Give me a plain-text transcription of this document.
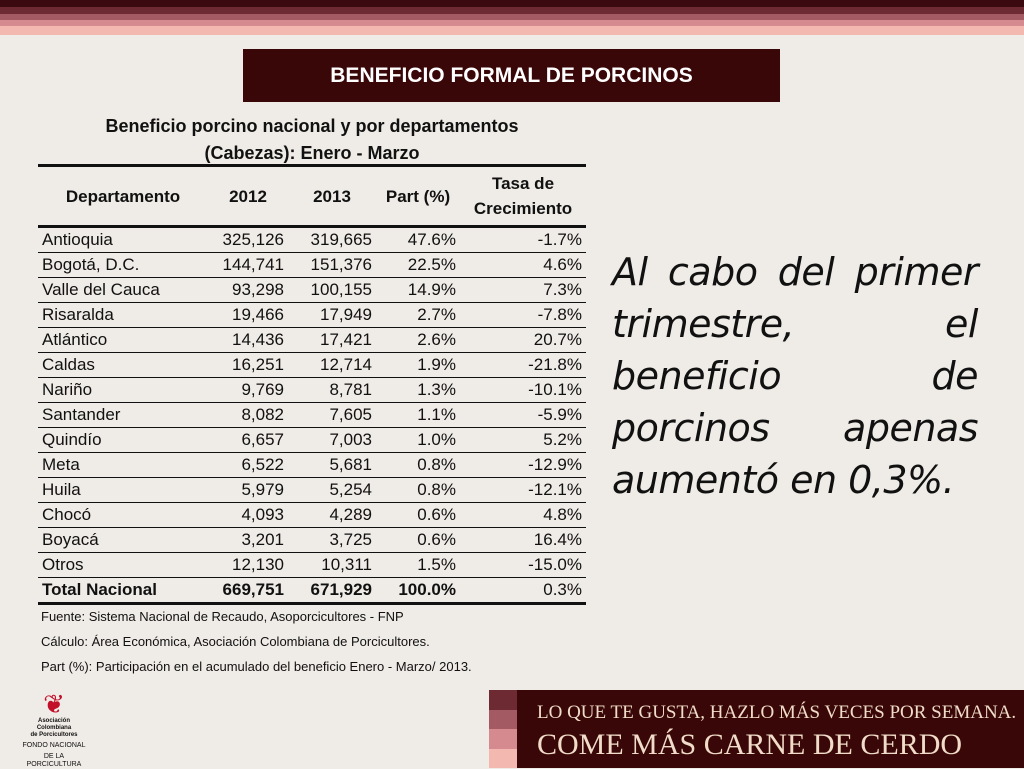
BENEFICIO FORMAL DE PORCINOS
Beneficio porcino nacional y por departamentos
(Cabezas): Enero - Marzo
Departamento	2012	2013	Part (%)	Tasa de
Crecimiento

Antioquia	325,126	319,665	47.6%	-1.7%
Bogotá, D.C.	144,741	151,376	22.5%	4.6%
Valle del Cauca	93,298	100,155	14.9%	7.3%
Risaralda	19,466	17,949	2.7%	-7.8%
Atlántico	14,436	17,421	2.6%	20.7%
Caldas	16,251	12,714	1.9%	-21.8%
Nariño	9,769	8,781	1.3%	-10.1%
Santander	8,082	7,605	1.1%	-5.9%
Quindío	6,657	7,003	1.0%	5.2%
Meta	6,522	5,681	0.8%	-12.9%
Huila	5,979	5,254	0.8%	-12.1%
Chocó	4,093	4,289	0.6%	4.8%
Boyacá	3,201	3,725	0.6%	16.4%
Otros	12,130	10,311	1.5%	-15.0%
Total Nacional	669,751	671,929	100.0%	0.3%
Fuente: Sistema Nacional de Recaudo, Asoporcicultores - FNP
Cálculo: Área Económica, Asociación Colombiana de Porcicultores.
Part (%): Participación en el acumulado del beneficio Enero - Marzo/ 2013.
Al cabo del primer trimestre, el beneficio de porcinos apenas aumentó en 0,3%.
❦
Asociación
Colombiana
de Porcicultores
FONDO NACIONAL
DE LA PORCICULTURA
LO QUE TE GUSTA, HAZLO MÁS VECES POR SEMANA.
COME MÁS CARNE DE CERDO
